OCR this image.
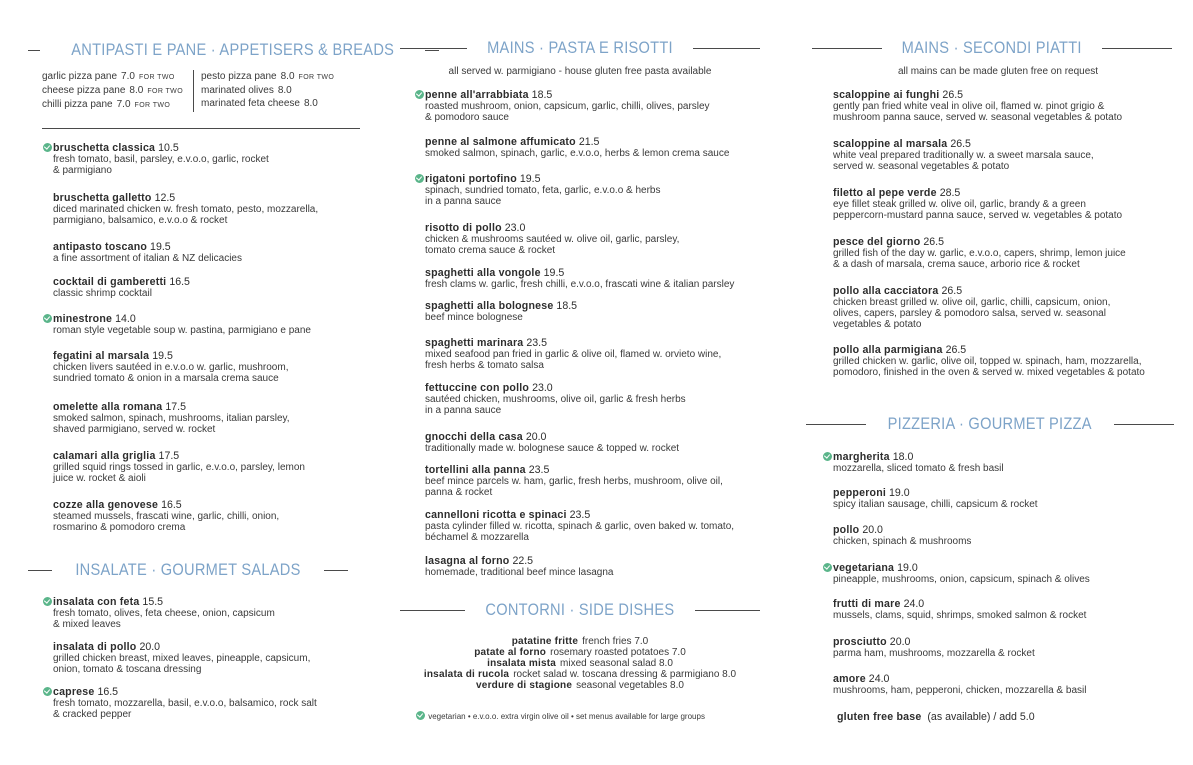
ANTIPASTI E PANE · APPETISERS & BREADS
garlic pizza pane 7.0 FOR TWO
cheese pizza pane 8.0 FOR TWO
chilli pizza pane 7.0 FOR TWO
pesto pizza pane 8.0 FOR TWO
marinated olives 8.0
marinated feta cheese 8.0
bruschetta classica 10.5
fresh tomato, basil, parsley, e.v.o.o, garlic, rocket
& parmigiano
bruschetta galletto 12.5
diced marinated chicken w. fresh tomato, pesto, mozzarella,
parmigiano, balsamico, e.v.o.o & rocket
antipasto toscano 19.5
a fine assortment of italian & NZ delicacies
cocktail di gamberetti 16.5
classic shrimp cocktail
minestrone 14.0
roman style vegetable soup w. pastina, parmigiano e pane
fegatini al marsala 19.5
chicken livers sautéed in e.v.o.o w. garlic, mushroom,
sundried tomato & onion in a marsala crema sauce
omelette alla romana 17.5
smoked salmon, spinach, mushrooms, italian parsley,
shaved parmigiano, served w. rocket
calamari alla griglia 17.5
grilled squid rings tossed in garlic, e.v.o.o, parsley, lemon
juice w. rocket & aioli
cozze alla genovese 16.5
steamed mussels, frascati wine, garlic, chilli, onion,
rosmarino & pomodoro crema
INSALATE · GOURMET SALADS
insalata con feta 15.5
fresh tomato, olives, feta cheese, onion, capsicum
& mixed leaves
insalata di pollo 20.0
grilled chicken breast, mixed leaves, pineapple, capsicum,
onion, tomato & toscana dressing
caprese 16.5
fresh tomato, mozzarella, basil, e.v.o.o, balsamico, rock salt
& cracked pepper
MAINS · PASTA E RISOTTI
all served w. parmigiano - house gluten free pasta available
penne all'arrabbiata 18.5
roasted mushroom, onion, capsicum, garlic, chilli, olives, parsley
& pomodoro sauce
penne al salmone affumicato 21.5
smoked salmon, spinach, garlic, e.v.o.o, herbs & lemon crema sauce
rigatoni portofino 19.5
spinach, sundried tomato, feta, garlic, e.v.o.o & herbs
in a panna sauce
risotto di pollo 23.0
chicken & mushrooms sautéed w. olive oil, garlic, parsley,
tomato crema sauce & rocket
spaghetti alla vongole 19.5
fresh clams w. garlic, fresh chilli, e.v.o.o, frascati wine & italian parsley
spaghetti alla bolognese 18.5
beef mince bolognese
spaghetti marinara 23.5
mixed seafood pan fried in garlic & olive oil, flamed w. orvieto wine,
fresh herbs & tomato salsa
fettuccine con pollo 23.0
sautéed chicken, mushrooms, olive oil, garlic & fresh herbs
in a panna sauce
gnocchi della casa 20.0
traditionally made w. bolognese sauce & topped w. rocket
tortellini alla panna 23.5
beef mince parcels w. ham, garlic, fresh herbs, mushroom, olive oil,
panna & rocket
cannelloni ricotta e spinaci 23.5
pasta cylinder filled w. ricotta, spinach & garlic, oven baked w. tomato,
béchamel & mozzarella
lasagna al forno 22.5
homemade, traditional beef mince lasagna
CONTORNI · SIDE DISHES
patatine fritte french fries 7.0
patate al forno rosemary roasted potatoes 7.0
insalata mista mixed seasonal salad 8.0
insalata di rucola rocket salad w. toscana dressing & parmigiano 8.0
verdure di stagione seasonal vegetables 8.0
vegetarian • e.v.o.o. extra virgin olive oil • set menus available for large groups
MAINS · SECONDI PIATTI
all mains can be made gluten free on request
scaloppine ai funghi 26.5
gently pan fried white veal in olive oil, flamed w. pinot grigio &
mushroom panna sauce, served w. seasonal vegetables & potato
scaloppine al marsala 26.5
white veal prepared traditionally w. a sweet marsala sauce,
served w. seasonal vegetables & potato
filetto al pepe verde 28.5
eye fillet steak grilled w. olive oil, garlic, brandy & a green
peppercorn-mustard panna sauce, served w. vegetables & potato
pesce del giorno 26.5
grilled fish of the day w. garlic, e.v.o.o, capers, shrimp, lemon juice
& a dash of marsala, crema sauce, arborio rice & rocket
pollo alla cacciatora 26.5
chicken breast grilled w. olive oil, garlic, chilli, capsicum, onion,
olives, capers, parsley & pomodoro salsa, served w. seasonal
vegetables & potato
pollo alla parmigiana 26.5
grilled chicken w. garlic, olive oil, topped w. spinach, ham, mozzarella,
pomodoro, finished in the oven & served w. mixed vegetables & potato
PIZZERIA · GOURMET PIZZA
margherita 18.0
mozzarella, sliced tomato & fresh basil
pepperoni 19.0
spicy italian sausage, chilli, capsicum & rocket
pollo 20.0
chicken, spinach & mushrooms
vegetariana 19.0
pineapple, mushrooms, onion, capsicum, spinach & olives
frutti di mare 24.0
mussels, clams, squid, shrimps, smoked salmon & rocket
prosciutto 20.0
parma ham, mushrooms, mozzarella & rocket
amore 24.0
mushrooms, ham, pepperoni, chicken, mozzarella & basil
gluten free base (as available) / add 5.0
